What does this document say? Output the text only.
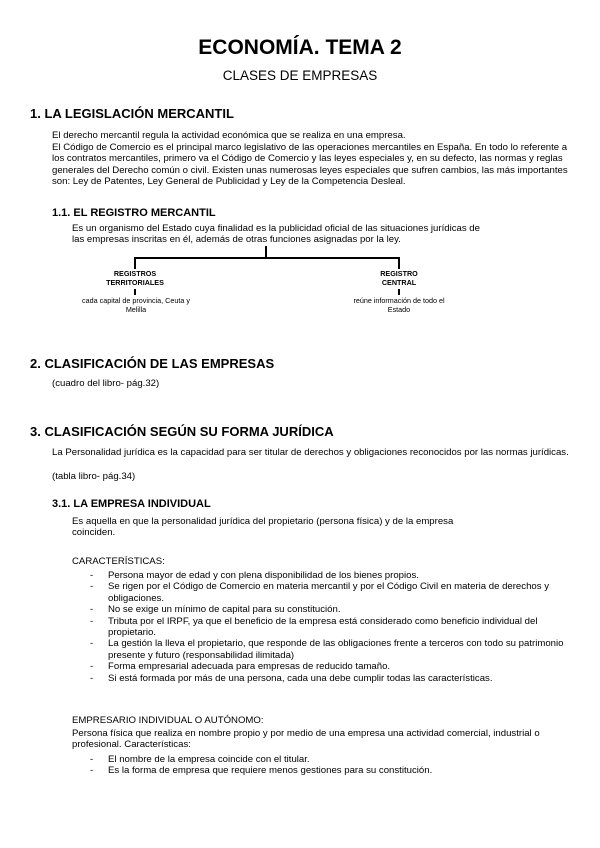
ECONOMÍA. TEMA 2
CLASES DE EMPRESAS
1. LA LEGISLACIÓN MERCANTIL
El derecho mercantil regula la actividad económica que se realiza en una empresa.
El Código de Comercio es el principal marco legislativo de las operaciones mercantiles en España. En todo lo referente a los contratos mercantiles, primero va el Código de Comercio y las leyes especiales y, en su defecto, las normas y reglas generales del Derecho común o civil. Existen unas numerosas leyes especiales que sufren cambios, las más importantes son: Ley de Patentes, Ley General de Publicidad y Ley de la Competencia Desleal.
1.1. EL REGISTRO MERCANTIL
Es un organismo del Estado cuya finalidad es la publicidad oficial de las situaciones jurídicas de las empresas inscritas en él, además de otras funciones asignadas por la ley.
REGISTROS TERRITORIALES
cada capital de provincia, Ceuta y Melilla
REGISTRO CENTRAL
reúne información de todo el Estado
2. CLASIFICACIÓN DE LAS EMPRESAS
(cuadro del libro- pág.32)
3. CLASIFICACIÓN SEGÚN SU FORMA JURÍDICA
La Personalidad jurídica es la capacidad para ser titular de derechos y obligaciones reconocidos por las normas jurídicas.
(tabla libro- pág.34)
3.1. LA EMPRESA INDIVIDUAL
Es aquella en que la personalidad jurídica del propietario (persona física) y de la empresa coinciden.
CARACTERÍSTICAS:
- Persona mayor de edad y con plena disponibilidad de los bienes propios.
- Se rigen por el Código de Comercio en materia mercantil y por el Código Civil en materia de derechos y obligaciones.
- No se exige un mínimo de capital para su constitución.
- Tributa por el IRPF, ya que el beneficio de la empresa está considerado como beneficio individual del propietario.
- La gestión la lleva el propietario, que responde de las obligaciones frente a terceros con todo su patrimonio presente y futuro (responsabilidad ilimitada)
- Forma empresarial adecuada para empresas de reducido tamaño.
- Si está formada por más de una persona, cada una debe cumplir todas las características.
EMPRESARIO INDIVIDUAL O AUTÓNOMO:
Persona física que realiza en nombre propio y por medio de una empresa una actividad comercial, industrial o profesional. Características:
- El nombre de la empresa coincide con el titular.
- Es la forma de empresa que requiere menos gestiones para su constitución.
